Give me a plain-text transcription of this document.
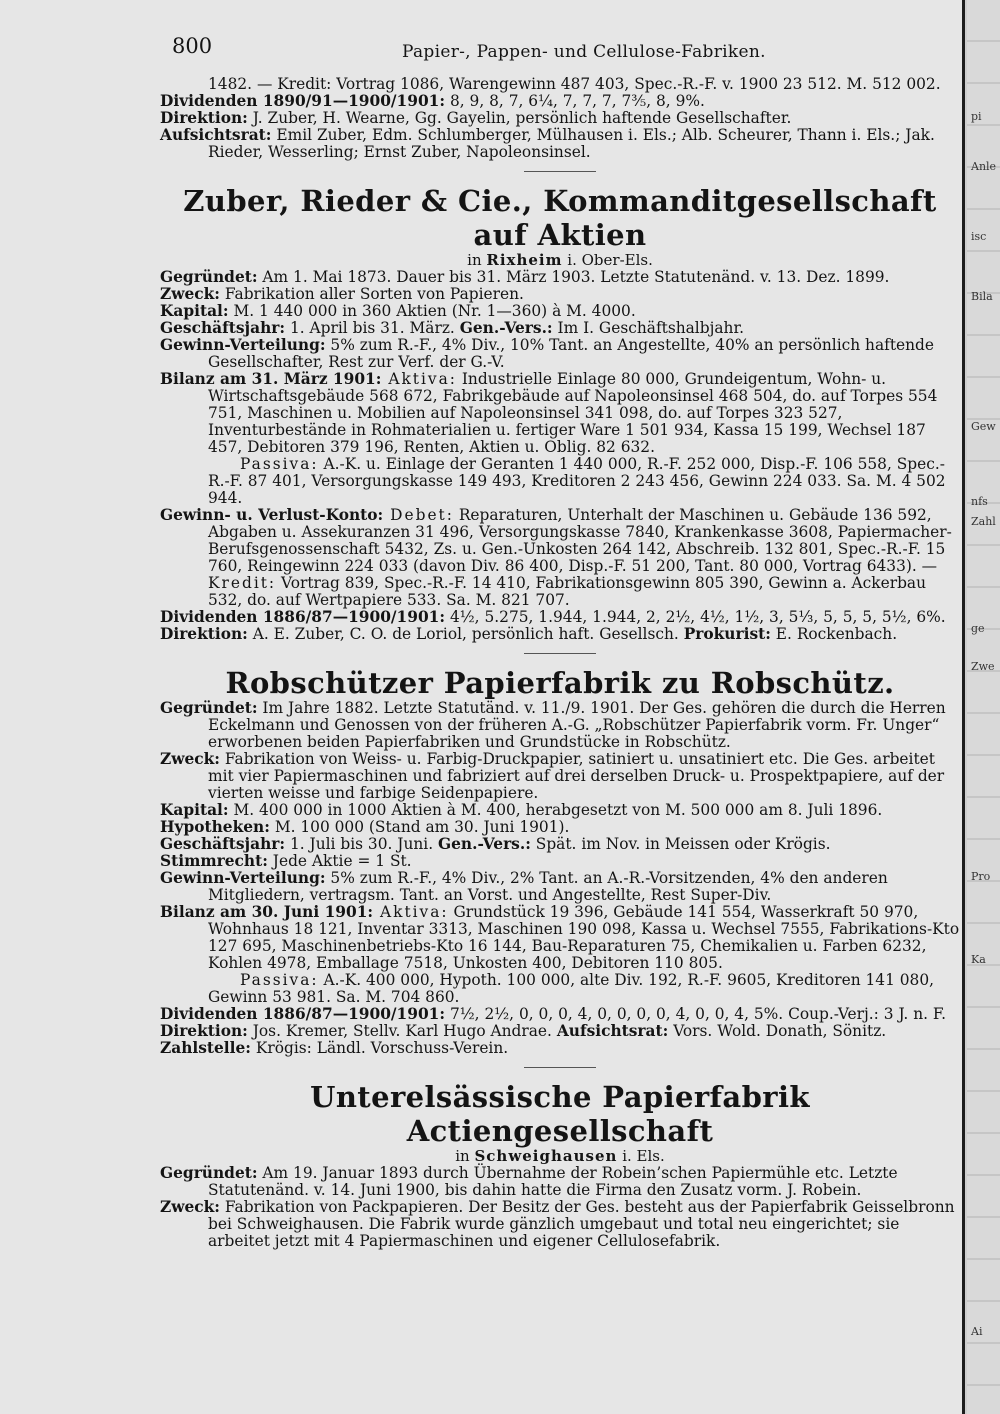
800	Papier-, Pappen- und Cellulose-Fabriken.

1482. — Kredit: Vortrag 1086, Warengewinn 487 403, Spec.-R.-F. v. 1900 23 512. M. 512 002.

Dividenden 1890/91—1900/1901: 8, 9, 8, 7, 6¼, 7, 7, 7, 7⅗, 8, 9%.

Direktion: J. Zuber, H. Wearne, Gg. Gayelin, persönlich haftende Gesellschafter.

Aufsichtsrat: Emil Zuber, Edm. Schlumberger, Mülhausen i. Els.; Alb. Scheurer, Thann i. Els.; Jak. Rieder, Wesserling; Ernst Zuber, Napoleonsinsel.

Zuber, Rieder & Cie., Kommanditgesellschaft auf Aktien

in Rixheim i. Ober-Els.

Gegründet: Am 1. Mai 1873. Dauer bis 31. März 1903. Letzte Statutenänd. v. 13. Dez. 1899.

Zweck: Fabrikation aller Sorten von Papieren.

Kapital: M. 1 440 000 in 360 Aktien (Nr. 1—360) à M. 4000.

Geschäftsjahr: 1. April bis 31. März. Gen.-Vers.: Im I. Geschäftshalbjahr.

Gewinn-Verteilung: 5% zum R.-F., 4% Div., 10% Tant. an Angestellte, 40% an persönlich haftende Gesellschafter, Rest zur Verf. der G.-V.

Bilanz am 31. März 1901: Aktiva: Industrielle Einlage 80 000, Grundeigentum, Wohn- u. Wirtschaftsgebäude 568 672, Fabrikgebäude auf Napoleonsinsel 468 504, do. auf Torpes 554 751, Maschinen u. Mobilien auf Napoleonsinsel 341 098, do. auf Torpes 323 527, Inventurbestände in Rohmaterialien u. fertiger Ware 1 501 934, Kassa 15 199, Wechsel 187 457, Debitoren 379 196, Renten, Aktien u. Oblig. 82 632.

Passiva: A.-K. u. Einlage der Geranten 1 440 000, R.-F. 252 000, Disp.-F. 106 558, Spec.-R.-F. 87 401, Versorgungskasse 149 493, Kreditoren 2 243 456, Gewinn 224 033. Sa. M. 4 502 944.

Gewinn- u. Verlust-Konto: Debet: Reparaturen, Unterhalt der Maschinen u. Gebäude 136 592, Abgaben u. Assekuranzen 31 496, Versorgungskasse 7840, Krankenkasse 3608, Papiermacher-Berufsgenossenschaft 5432, Zs. u. Gen.-Unkosten 264 142, Abschreib. 132 801, Spec.-R.-F. 15 760, Reingewinn 224 033 (davon Div. 86 400, Disp.-F. 51 200, Tant. 80 000, Vortrag 6433). — Kredit: Vortrag 839, Spec.-R.-F. 14 410, Fabrikationsgewinn 805 390, Gewinn a. Ackerbau 532, do. auf Wertpapiere 533. Sa. M. 821 707.

Dividenden 1886/87—1900/1901: 4½, 5.275, 1.944, 1.944, 2, 2½, 4½, 1½, 3, 5⅓, 5, 5, 5, 5½, 6%.

Direktion: A. E. Zuber, C. O. de Loriol, persönlich haft. Gesellsch. Prokurist: E. Rockenbach.

Robschützer Papierfabrik zu Robschütz.

Gegründet: Im Jahre 1882. Letzte Statutänd. v. 11./9. 1901. Der Ges. gehören die durch die Herren Eckelmann und Genossen von der früheren A.-G. „Robschützer Papierfabrik vorm. Fr. Unger“ erworbenen beiden Papierfabriken und Grundstücke in Robschütz.

Zweck: Fabrikation von Weiss- u. Farbig-Druckpapier, satiniert u. unsatiniert etc. Die Ges. arbeitet mit vier Papiermaschinen und fabriziert auf drei derselben Druck- u. Prospektpapiere, auf der vierten weisse und farbige Seidenpapiere.

Kapital: M. 400 000 in 1000 Aktien à M. 400, herabgesetzt von M. 500 000 am 8. Juli 1896.

Hypotheken: M. 100 000 (Stand am 30. Juni 1901).

Geschäftsjahr: 1. Juli bis 30. Juni. Gen.-Vers.: Spät. im Nov. in Meissen oder Krögis.

Stimmrecht: Jede Aktie = 1 St.

Gewinn-Verteilung: 5% zum R.-F., 4% Div., 2% Tant. an A.-R.-Vorsitzenden, 4% den anderen Mitgliedern, vertragsm. Tant. an Vorst. und Angestellte, Rest Super-Div.

Bilanz am 30. Juni 1901: Aktiva: Grundstück 19 396, Gebäude 141 554, Wasserkraft 50 970, Wohnhaus 18 121, Inventar 3313, Maschinen 190 098, Kassa u. Wechsel 7555, Fabrikations-Kto 127 695, Maschinenbetriebs-Kto 16 144, Bau-Reparaturen 75, Chemikalien u. Farben 6232, Kohlen 4978, Emballage 7518, Unkosten 400, Debitoren 110 805.

Passiva: A.-K. 400 000, Hypoth. 100 000, alte Div. 192, R.-F. 9605, Kreditoren 141 080, Gewinn 53 981. Sa. M. 704 860.

Dividenden 1886/87—1900/1901: 7½, 2½, 0, 0, 0, 4, 0, 0, 0, 0, 4, 0, 0, 4, 5%. Coup.-Verj.: 3 J. n. F.

Direktion: Jos. Kremer, Stellv. Karl Hugo Andrae. Aufsichtsrat: Vors. Wold. Donath, Sönitz.

Zahlstelle: Krögis: Ländl. Vorschuss-Verein.

Unterelsässische Papierfabrik Actiengesellschaft

in Schweighausen i. Els.

Gegründet: Am 19. Januar 1893 durch Übernahme der Robein’schen Papiermühle etc. Letzte Statutenänd. v. 14. Juni 1900, bis dahin hatte die Firma den Zusatz vorm. J. Robein.

Zweck: Fabrikation von Packpapieren. Der Besitz der Ges. besteht aus der Papierfabrik Geisselbronn bei Schweighausen. Die Fabrik wurde gänzlich umgebaut und total neu eingerichtet; sie arbeitet jetzt mit 4 Papiermaschinen und eigener Cellulosefabrik.

pi
Anle
isc
Bila
Gew
nfs
Zahl
ge
Zwe
Pro
Ka
Ai
